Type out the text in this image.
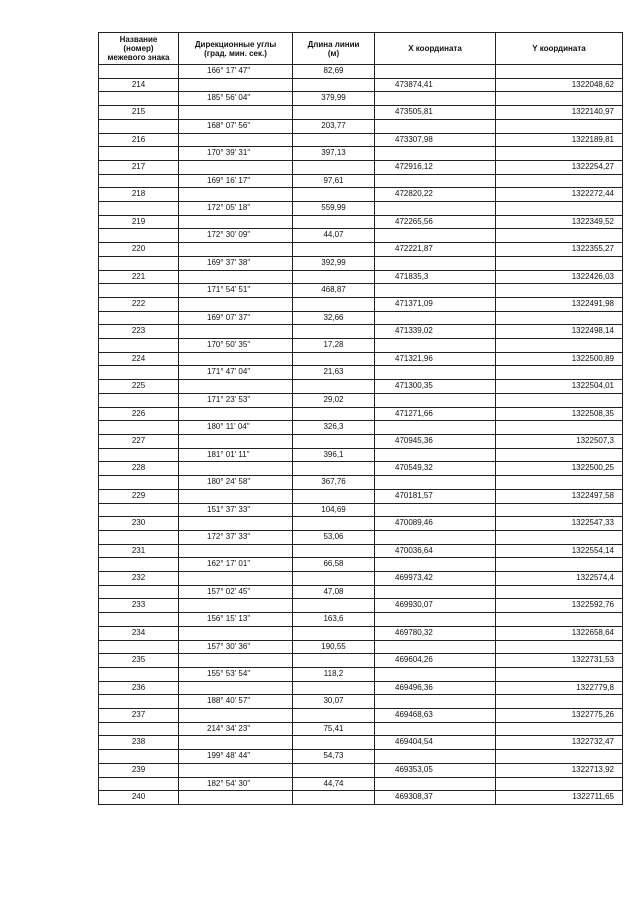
Название
(номер)
межевого знака	Дирекционные углы
(град. мин. сек.)	Длина линии
(м)	X координата	Y координата
	166° 17' 47"	82,69		
214			473874,41	1322048,62
	185° 56' 04"	379,99		
215			473505,81	1322140,97
	168° 07' 56"	203,77		
216			473307,98	1322189,81
	170° 39' 31"	397,13		
217			472916,12	1322254,27
	169° 16' 17"	97,61		
218			472820,22	1322272,44
	172° 05' 18"	559,99		
219			472265,56	1322349,52
	172° 30' 09"	44,07		
220			472221,87	1322355,27
	169° 37' 38"	392,99		
221			471835,3	1322426,03
	171° 54' 51"	468,87		
222			471371,09	1322491,98
	169° 07' 37"	32,66		
223			471339,02	1322498,14
	170° 50' 35"	17,28		
224			471321,96	1322500,89
	171° 47' 04"	21,63		
225			471300,35	1322504,01
	171° 23' 53"	29,02		
226			471271,66	1322508,35
	180° 11' 04"	326,3		
227			470945,36	1322507,3
	181° 01' 11"	396,1		
228			470549,32	1322500,25
	180° 24' 58"	367,76		
229			470181,57	1322497,58
	151° 37' 33"	104,69		
230			470089,46	1322547,33
	172° 37' 33"	53,06		
231			470036,64	1322554,14
	162° 17' 01"	66,58		
232			469973,42	1322574,4
	157° 02' 45"	47,08		
233			469930,07	1322592,76
	156° 15' 13"	163,6		
234			469780,32	1322658,64
	157° 30' 36"	190,55		
235			469604,26	1322731,53
	155° 53' 54"	118,2		
236			469496,36	1322779,8
	188° 40' 57"	30,07		
237			469468,63	1322775,26
	214° 34' 23"	75,41		
238			469404,54	1322732,47
	199° 48' 44"	54,73		
239			469353,05	1322713,92
	182° 54' 30"	44,74		
240			469308,37	1322711,65
